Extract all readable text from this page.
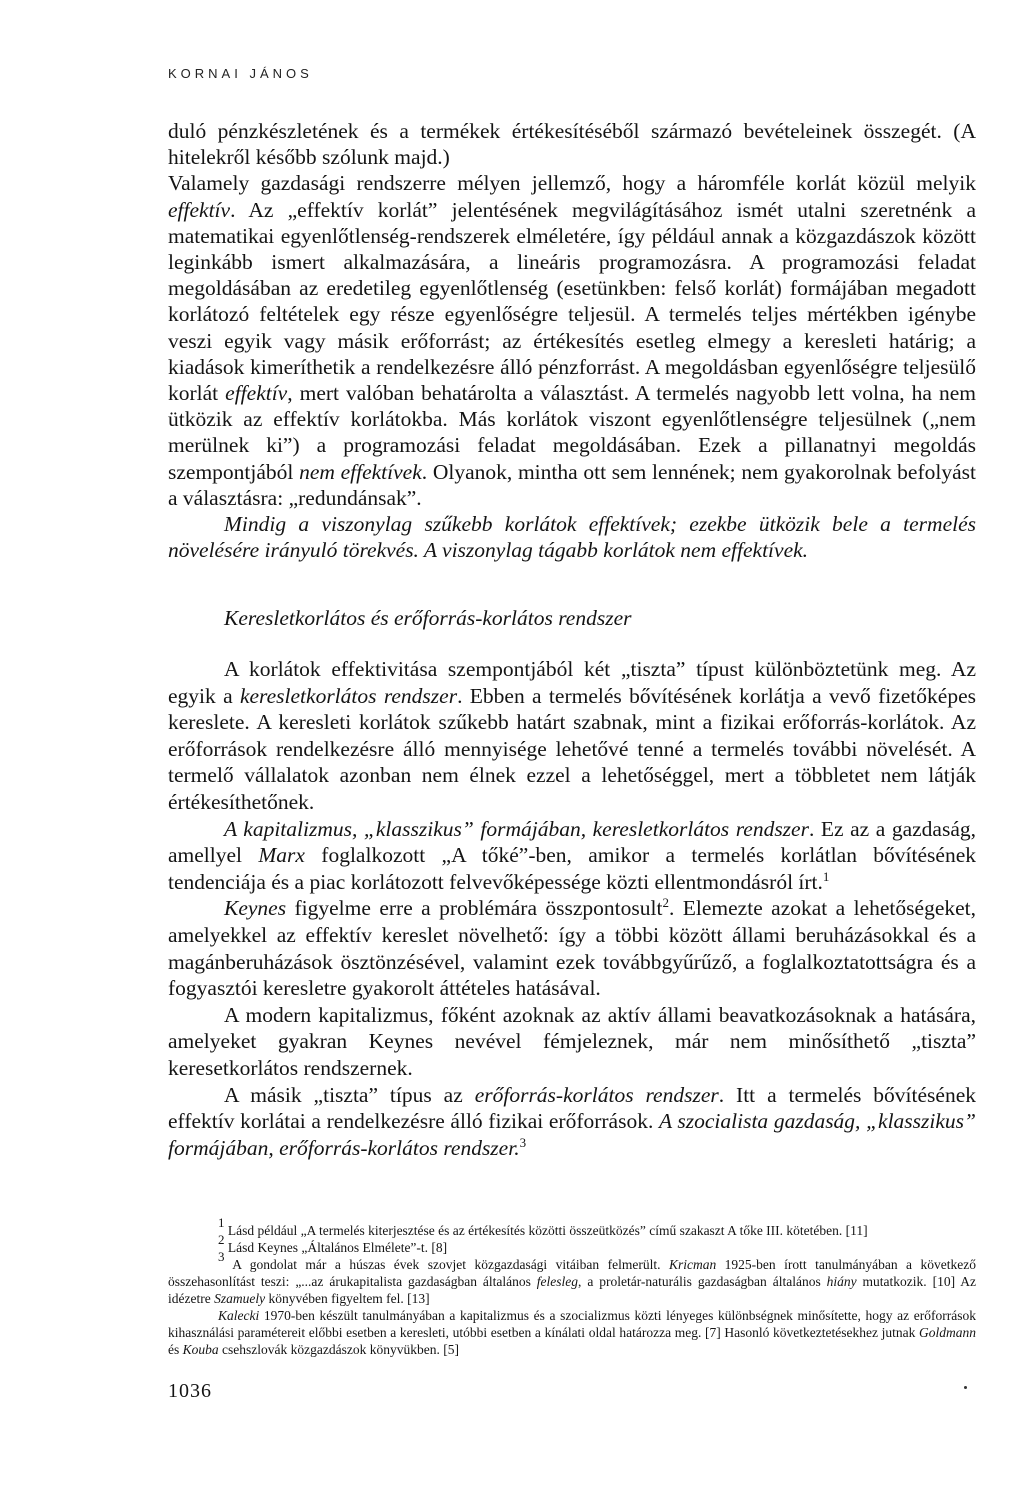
KORNAI JÁNOS

duló pénzkészletének és a termékek értékesítéséből származó bevételeinek összegét. (A hitelekről később szólunk majd.)

Valamely gazdasági rendszerre mélyen jellemző, hogy a háromféle korlát közül melyik effektív. Az „effektív korlát” jelentésének megvilágításához ismét utalni szeretnénk a matematikai egyenlőtlenség-rendszerek elméletére, így például annak a közgazdászok között leginkább ismert alkalmazására, a lineáris programozásra. A programozási feladat megoldásában az eredetileg egyenlőtlenség (esetünkben: felső korlát) formájában megadott korlátozó feltételek egy része egyenlőségre teljesül. A termelés teljes mértékben igénybe veszi egyik vagy másik erőforrást; az értékesítés esetleg elmegy a keresleti határig; a kiadások kimeríthetik a rendelkezésre álló pénzforrást. A megoldásban egyenlőségre teljesülő korlát effektív, mert valóban behatárolta a választást. A termelés nagyobb lett volna, ha nem ütközik az effektív korlátokba. Más korlátok viszont egyenlőtlenségre teljesülnek („nem merülnek ki”) a programozási feladat megoldásában. Ezek a pillanatnyi megoldás szempontjából nem effektívek. Olyanok, mintha ott sem lennének; nem gyakorolnak befolyást a választásra: „redundánsak”.

Mindig a viszonylag szűkebb korlátok effektívek; ezekbe ütközik bele a termelés növelésére irányuló törekvés. A viszonylag tágabb korlátok nem effektívek.

Keresletkorlátos és erőforrás-korlátos rendszer

A korlátok effektivitása szempontjából két „tiszta” típust különböztetünk meg. Az egyik a keresletkorlátos rendszer. Ebben a termelés bővítésének korlátja a vevő fizetőképes kereslete. A keresleti korlátok szűkebb határt szabnak, mint a fizikai erőforrás-korlátok. Az erőforrások rendelkezésre álló mennyisége lehetővé tenné a termelés további növelését. A termelő vállalatok azonban nem élnek ezzel a lehetőséggel, mert a többletet nem látják értékesíthetőnek.

A kapitalizmus, „klasszikus” formájában, keresletkorlátos rendszer. Ez az a gazdaság, amellyel Marx foglalkozott „A tőké”-ben, amikor a termelés korlátlan bővítésének tendenciája és a piac korlátozott felvevőképessége közti ellentmondásról írt.$^1$

Keynes figyelme erre a problémára összpontosult$^2$. Elemezte azokat a lehetőségeket, amelyekkel az effektív kereslet növelhető: így a többi között állami beruházásokkal és a magánberuházások ösztönzésével, valamint ezek továbbgyűrűző, a foglalkoztatottságra és a fogyasztói keresletre gyakorolt áttételes hatásával.

A modern kapitalizmus, főként azoknak az aktív állami beavatkozásoknak a hatására, amelyeket gyakran Keynes nevével fémjeleznek, már nem minősíthető „tiszta” keresetkorlátos rendszernek.

A másik „tiszta” típus az erőforrás-korlátos rendszer. Itt a termelés bővítésének effektív korlátai a rendelkezésre álló fizikai erőforrások. A szocialista gazdaság, „klasszikus” formájában, erőforrás-korlátos rendszer.$^3$

$^1$ Lásd például „A termelés kiterjesztése és az értékesítés közötti összeütközés” című szakaszt A tőke III. kötetében. [11]

$^2$ Lásd Keynes „Általános Elmélete”-t. [8]

$^3$ A gondolat már a húszas évek szovjet közgazdasági vitáiban felmerült. Kricman 1925-ben írott tanulmányában a következő összehasonlítást teszi: „...az árukapitalista gazdaságban általános felesleg, a proletár-naturális gazdaságban általános hiány mutatkozik. [10] Az idézetre Szamuely könyvében figyeltem fel. [13]

Kalecki 1970-ben készült tanulmányában a kapitalizmus és a szocializmus közti lényeges különbségnek minősítette, hogy az erőforrások kihasználási paramétereit előbbi esetben a keresleti, utóbbi esetben a kínálati oldal határozza meg. [7] Hasonló következtetésekhez jutnak Goldmann és Kouba csehszlovák közgazdászok könyvükben. [5]

1036
